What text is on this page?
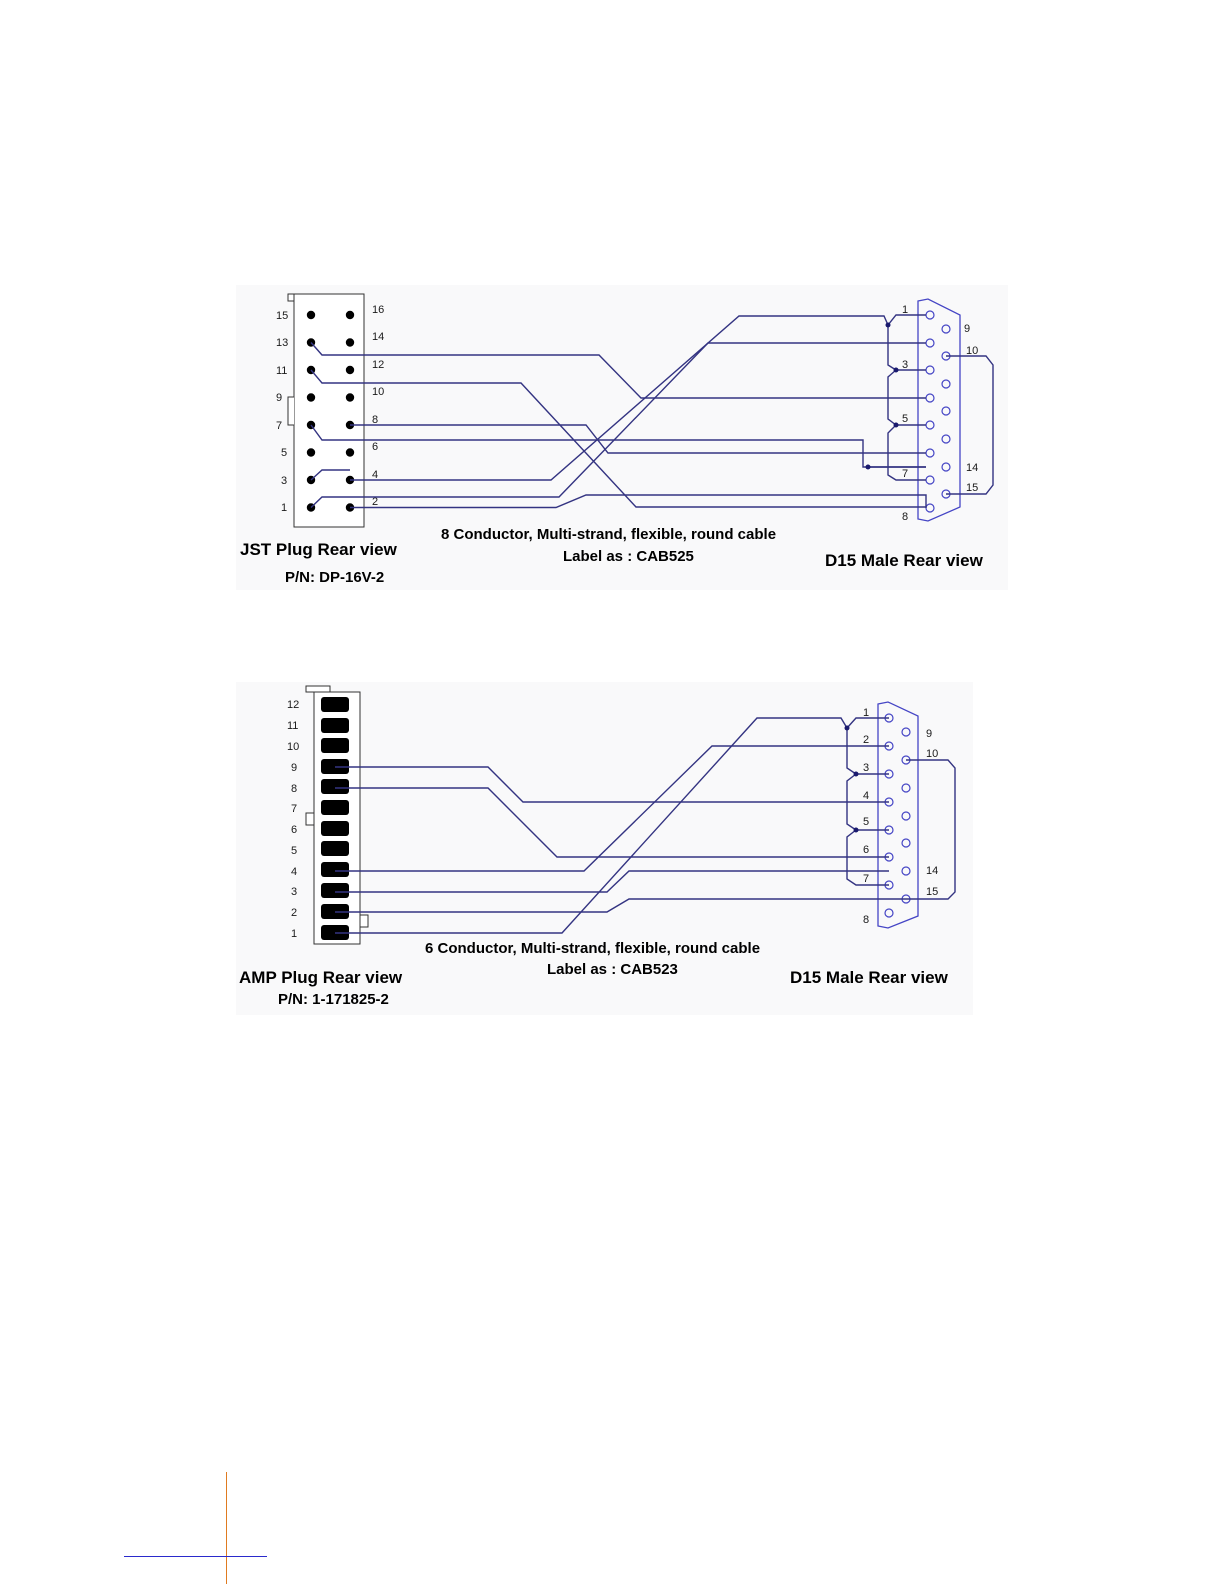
15
13
11
9
7
5
3
1
16
14
12
10
8
6
4
2
1
3
5
7
8
9
10
14
15
JST Plug Rear view
P/N: DP-16V-2
8 Conductor, Multi-strand, flexible, round cable
Label as : CAB525	D15 Male Rear view
12
11
10
9
8
7
6
5
4
3
2
1
1
2
3
4
5
6
7
8
9
10
14
15
AMP Plug Rear view
P/N: 1-171825-2
6 Conductor, Multi-strand, flexible, round cable
Label as : CAB523	D15 Male Rear view
